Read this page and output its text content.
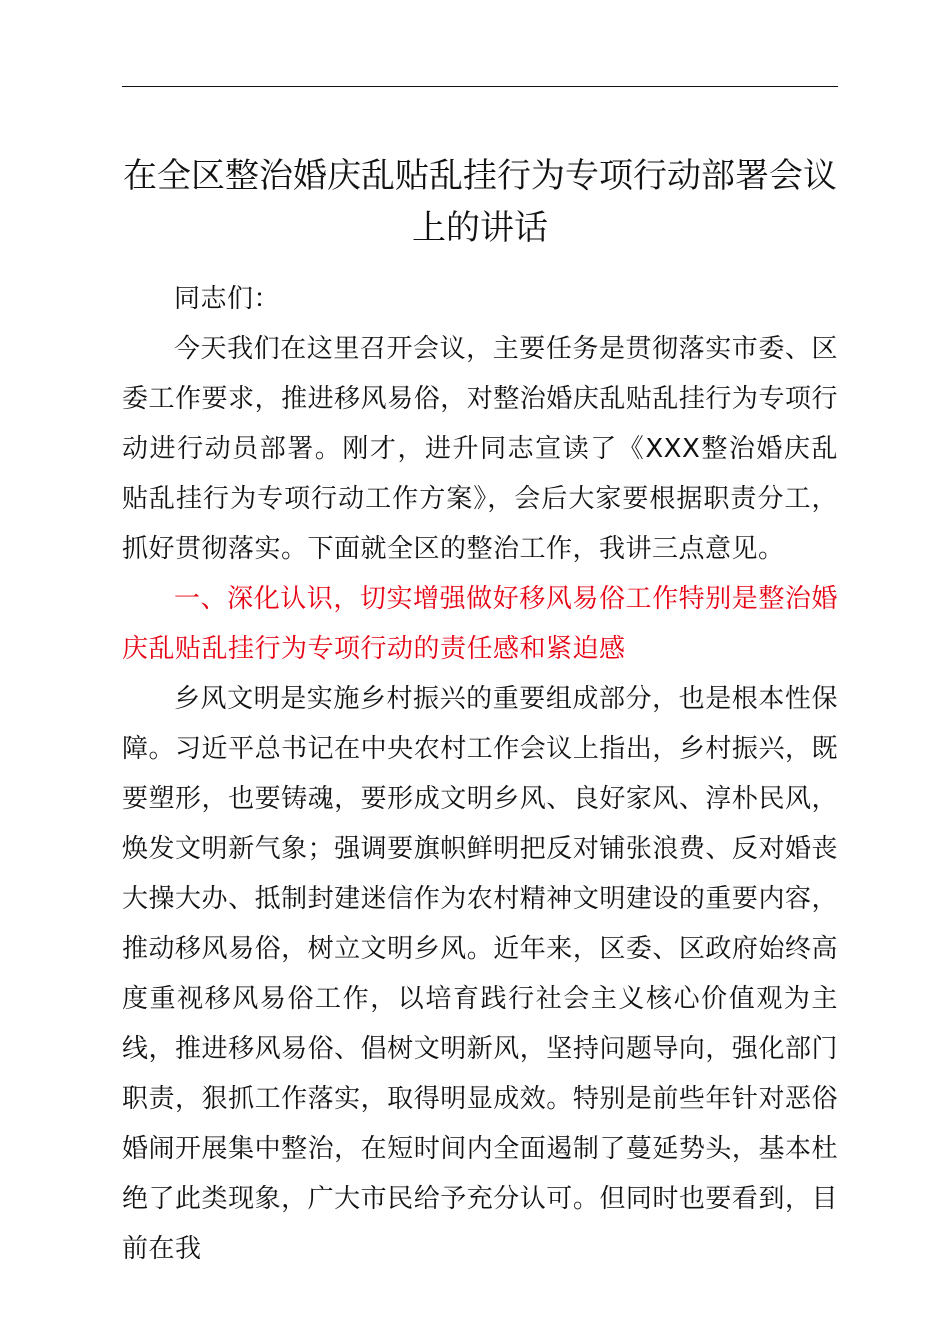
在全区整治婚庆乱贴乱挂行为专项行动部署会议上的讲话

同志们：

今天我们在这里召开会议，主要任务是贯彻落实市委、区委工作要求，推进移风易俗，对整治婚庆乱贴乱挂行为专项行动进行动员部署。刚才，进升同志宣读了《XXX整治婚庆乱贴乱挂行为专项行动工作方案》，会后大家要根据职责分工，抓好贯彻落实。下面就全区的整治工作，我讲三点意见。

一、深化认识，切实增强做好移风易俗工作特别是整治婚庆乱贴乱挂行为专项行动的责任感和紧迫感

乡风文明是实施乡村振兴的重要组成部分，也是根本性保障。习近平总书记在中央农村工作会议上指出，乡村振兴，既要塑形，也要铸魂，要形成文明乡风、良好家风、淳朴民风，焕发文明新气象；强调要旗帜鲜明把反对铺张浪费、反对婚丧大操大办、抵制封建迷信作为农村精神文明建设的重要内容，推动移风易俗，树立文明乡风。近年来，区委、区政府始终高度重视移风易俗工作，以培育践行社会主义核心价值观为主线，推进移风易俗、倡树文明新风，坚持问题导向，强化部门职责，狠抓工作落实，取得明显成效。特别是前些年针对恶俗婚闹开展集中整治，在短时间内全面遏制了蔓延势头，基本杜绝了此类现象，广大市民给予充分认可。但同时也要看到，目前在我
